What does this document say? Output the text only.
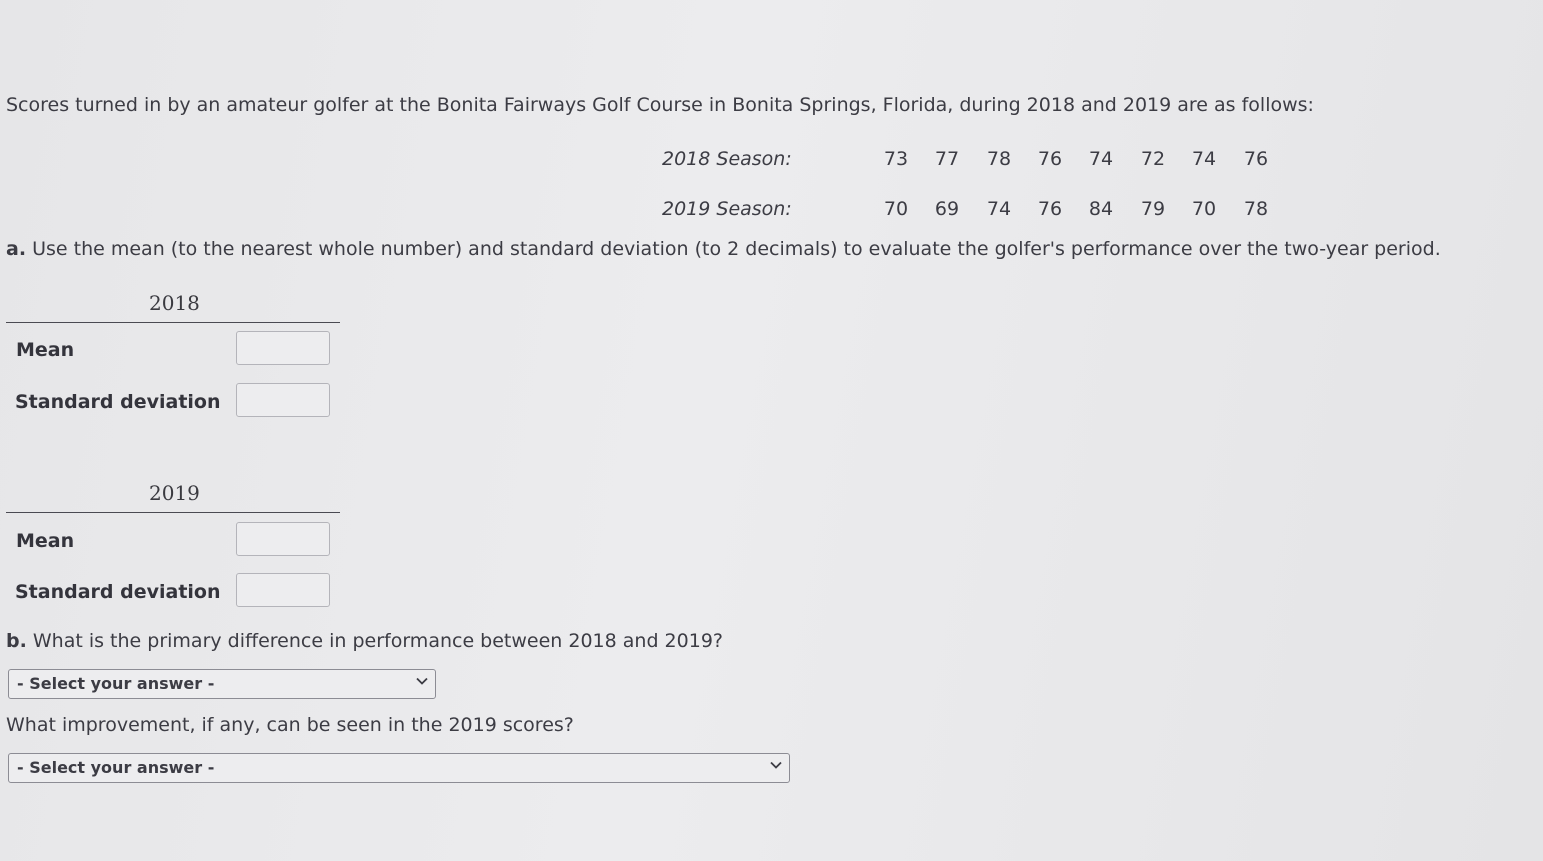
Scores turned in by an amateur golfer at the Bonita Fairways Golf Course in Bonita Springs, Florida, during 2018 and 2019 are as follows:
2018 Season:	73	77	78	76	74	72	74	76
2019 Season:	70	69	74	76	84	79	70	78
a. Use the mean (to the nearest whole number) and standard deviation (to 2 decimals) to evaluate the golfer's performance over the two-year period.
2018
Mean
Standard deviation
2019
Mean
Standard deviation
b. What is the primary difference in performance between 2018 and 2019?
- Select your answer -
What improvement, if any, can be seen in the 2019 scores?
- Select your answer -
